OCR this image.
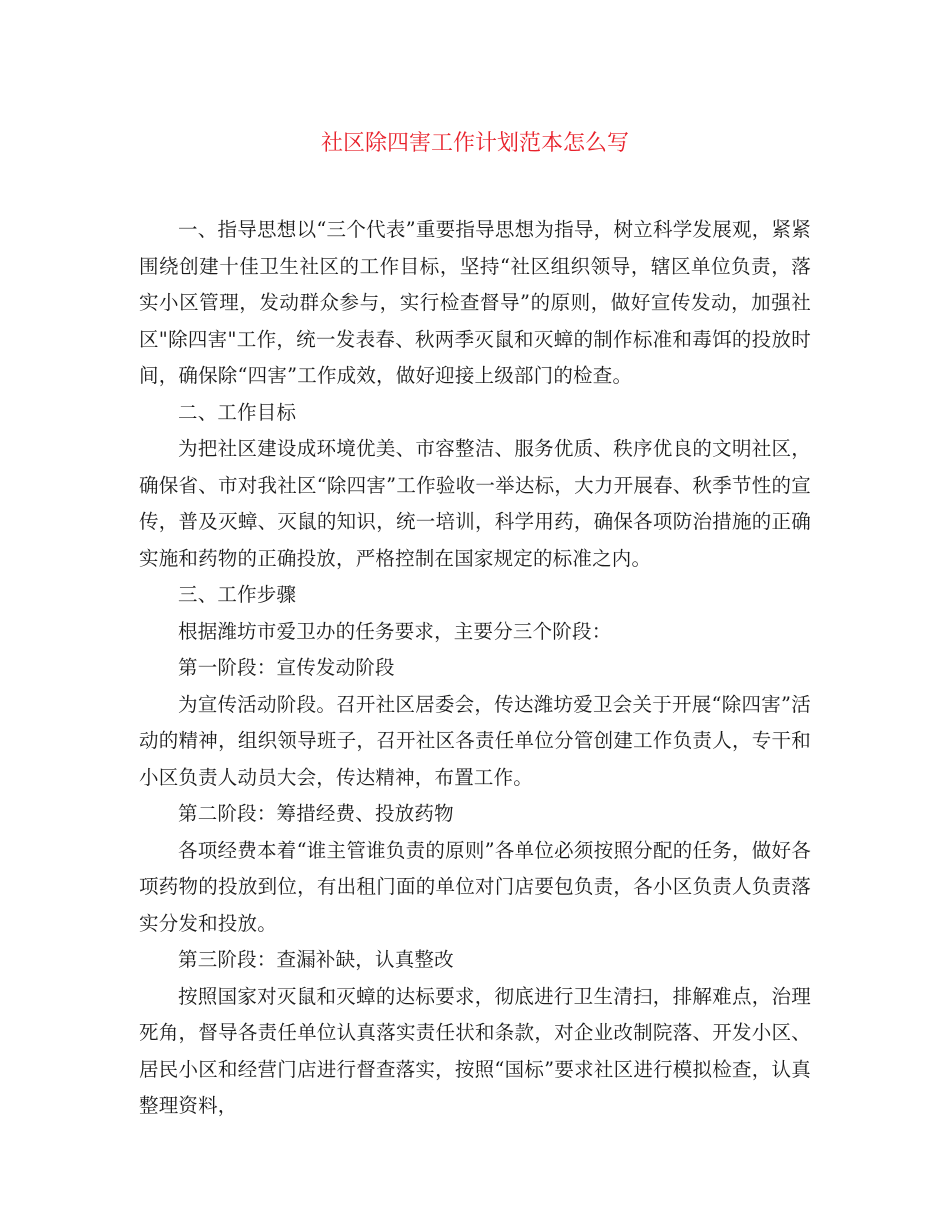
社区除四害工作计划范本怎么写

一、指导思想以“三个代表”重要指导思想为指导，树立科学发展观，紧紧围绕创建十佳卫生社区的工作目标，坚持“社区组织领导，辖区单位负责，落实小区管理，发动群众参与，实行检查督导”的原则，做好宣传发动，加强社区"除四害"工作，统一发表春、秋两季灭鼠和灭蟑的制作标准和毒饵的投放时间，确保除“四害”工作成效，做好迎接上级部门的检查。

二、工作目标

为把社区建设成环境优美、市容整洁、服务优质、秩序优良的文明社区，确保省、市对我社区“除四害”工作验收一举达标，大力开展春、秋季节性的宣传，普及灭蟑、灭鼠的知识，统一培训，科学用药，确保各项防治措施的正确实施和药物的正确投放，严格控制在国家规定的标准之内。

三、工作步骤

根据潍坊市爱卫办的任务要求，主要分三个阶段：

第一阶段：宣传发动阶段

为宣传活动阶段。召开社区居委会，传达潍坊爱卫会关于开展“除四害”活动的精神，组织领导班子，召开社区各责任单位分管创建工作负责人，专干和小区负责人动员大会，传达精神，布置工作。

第二阶段：筹措经费、投放药物

各项经费本着“谁主管谁负责的原则”各单位必须按照分配的任务，做好各项药物的投放到位，有出租门面的单位对门店要包负责，各小区负责人负责落实分发和投放。

第三阶段：查漏补缺，认真整改

按照国家对灭鼠和灭蟑的达标要求，彻底进行卫生清扫，排解难点，治理死角，督导各责任单位认真落实责任状和条款，对企业改制院落、开发小区、居民小区和经营门店进行督查落实，按照“国标”要求社区进行模拟检查，认真整理资料，
